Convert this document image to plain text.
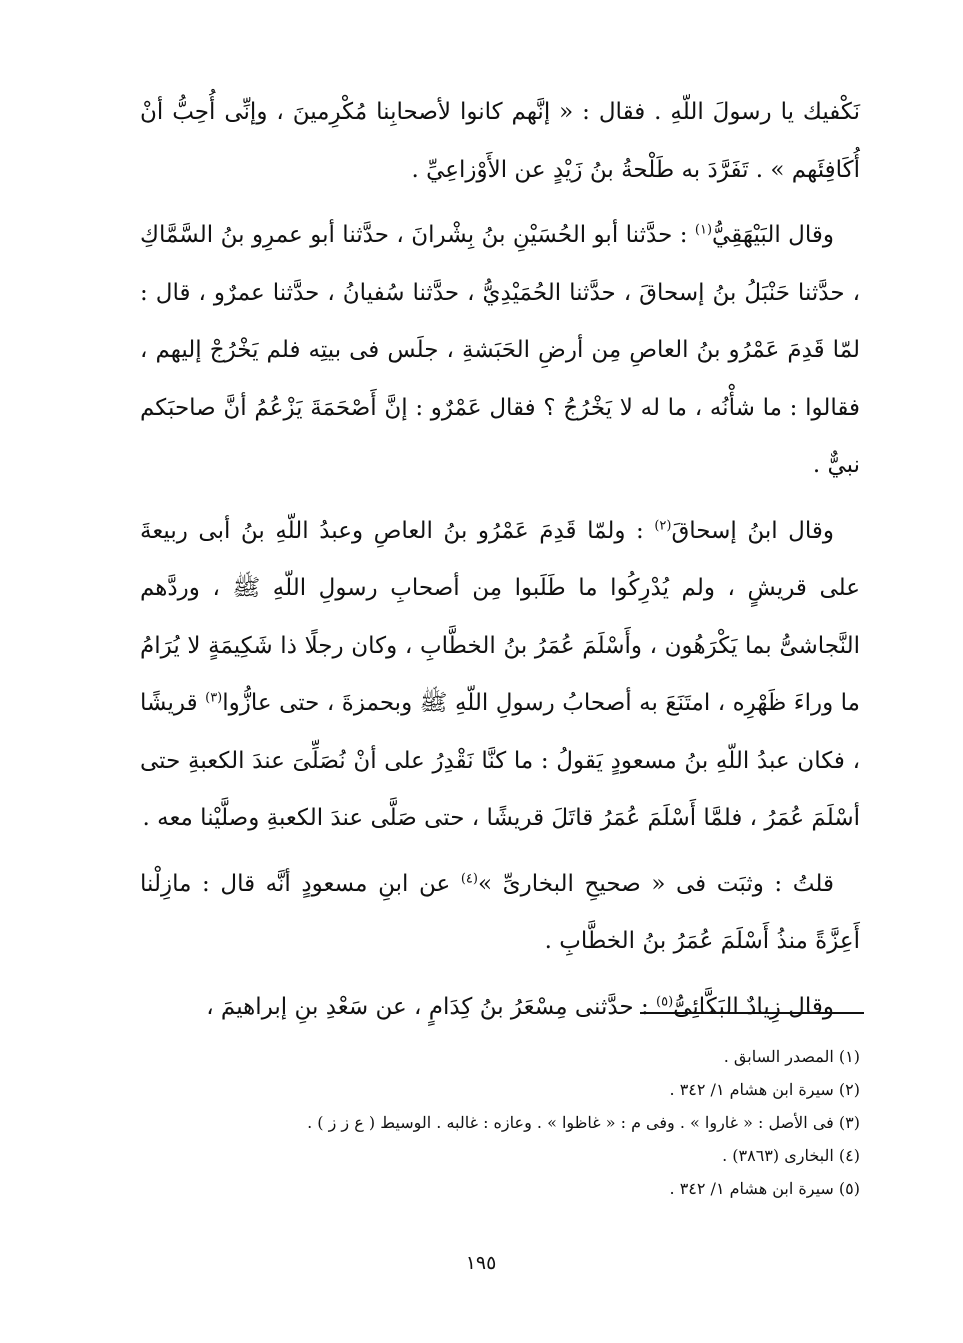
نَكْفيك يا رسولَ اللّهِ . فقال : « إنَّهم كانوا لأصحابِنا مُكْرِمينَ ، وإنِّى أُحِبُّ أنْ أُكَافِئَهم » . تَفَرَّدَ به طَلْحةُ بنُ زَيْدٍ عن الأَوْزاعِيِّ .

وقال البَيْهَقِيُّ$^{(١)}$ : حدَّثنا أبو الحُسَيْنِ بنُ بِشْرانَ ، حدَّثنا أبو عمرِو بنُ السَّمَّاكِ ، حدَّثنا حَنْبَلُ بنُ إسحاقَ ، حدَّثنا الحُمَيْدِيُّ ، حدَّثنا سُفيانُ ، حدَّثنا عمرٌو ، قال : لمّا قَدِمَ عَمْرُو بنُ العاصِ مِن أرضِ الحَبَشةِ ، جلَس فى بيتِه فلم يَخْرُجْ إليهم ، فقالوا : ما شأْنُه ، ما له لا يَخْرُجُ ؟ فقال عَمْرٌو : إنَّ أَصْحَمَةَ يَزْعُمُ أنَّ صاحبَكم نبيٌّ .

وقال ابنُ إسحاقَ$^{(٢)}$ : ولمّا قَدِمَ عَمْرُو بنُ العاصِ وعبدُ اللّهِ بنُ أبى ربيعةَ على قريشٍ ، ولم يُدْرِكُوا ما طَلَبوا مِن أصحابِ رسولِ اللّهِ ﷺ ، وردَّهم النَّجاشىُّ بما يَكْرَهُون ، وأَسْلَمَ عُمَرُ بنُ الخطَّابِ ، وكان رجلًا ذا شَكِيمَةٍ لا يُرَامُ ما وراءَ ظَهْرِه ، امتَنَعَ به أصحابُ رسولِ اللّهِ ﷺ وبحمزةَ ، حتى عازُّوا$^{(٣)}$ قريشًا ، فكان عبدُ اللّهِ بنُ مسعودٍ يَقولُ : ما كنَّا نَقْدِرُ على أنْ نُصَلِّىَ عندَ الكعبةِ حتى أسْلَمَ عُمَرُ ، فلمَّا أَسْلَمَ عُمَرُ قاتَلَ قريشًا ، حتى صَلَّى عندَ الكعبةِ وصلَّيْنا معه .

قلتُ : وثبَت فى « صحيحِ البخارىِّ »$^{(٤)}$ عن ابنِ مسعودٍ أنَّه قال : مازِلْنا أَعِزَّةً منذُ أَسْلَمَ عُمَرُ بنُ الخطَّابِ .

وقال زِيادٌ البَكَّائِىُّ$^{(٥)}$ : حدَّثنى مِسْعَرُ بنُ كِدَامٍ ، عن سَعْدِ بنِ إبراهيمَ ،

(١) المصدر السابق .

(٢) سيرة ابن هشام ١/ ٣٤٢ .

(٣) فى الأصل : « غاروا » . وفى م : « غاظوا » . وعازه : غالبه . الوسيط ( ع ز ز ) .

(٤) البخارى (٣٨٦٣) .

(٥) سيرة ابن هشام ١/ ٣٤٢ .

١٩٥
